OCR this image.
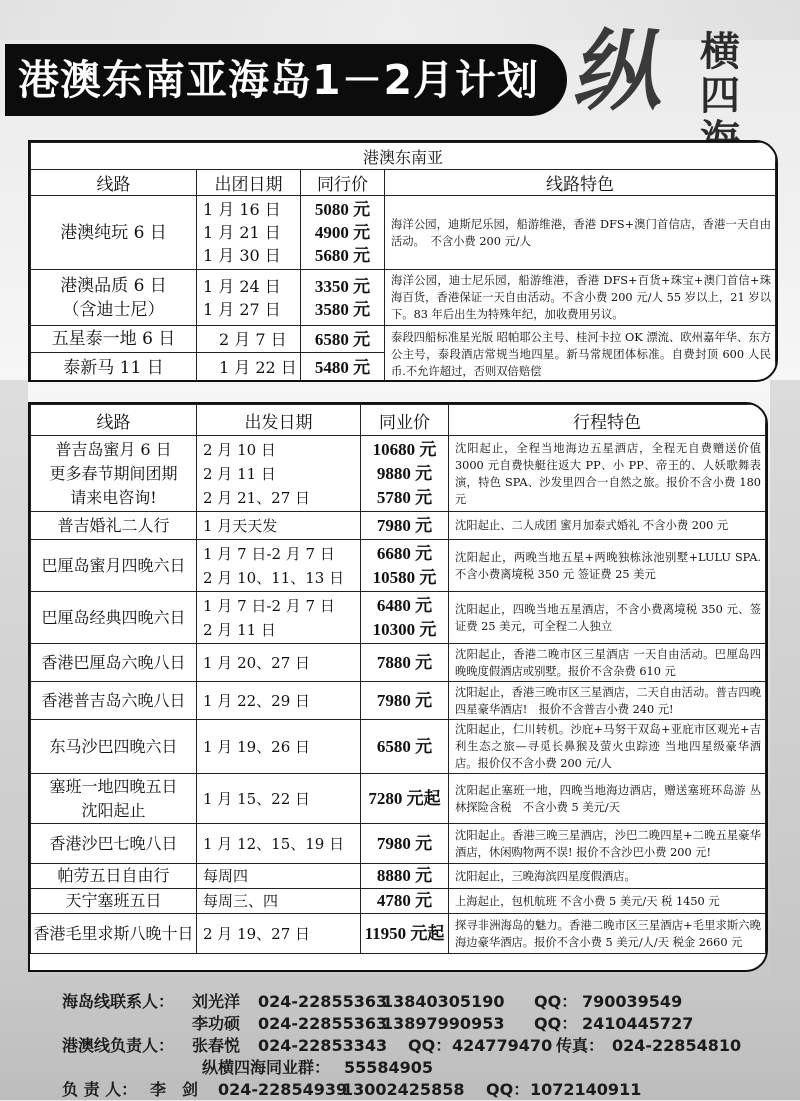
港澳东南亚海岛1－2月计划 纵 横
四
港澳东南亚			
线路	出团日期	同行价	线路特色

港澳纯玩 6 日	1 月 16 日
1 月 21 日
1 月 30 日	5080 元
4900 元
5680 元	海洋公园，迪斯尼乐园，船游维港，香港 DFS+澳门首信店，香港一天自由活动。　不含小费 200 元/人

港澳品质 6 日
（含迪士尼）	1 月 24 日
1 月 27 日	3350 元
3580 元	海洋公园，迪士尼乐园，船游维港，香港 DFS+百货+珠宝+澳门首信+珠海百货，香港保证一天自由活动。不含小费 200 元/人 55 岁以上，21 岁以下。83 年后出生为特殊年纪，加收费用另议。

五星泰一地 6 日	2 月 7 日	6580 元	泰段四船标准星光版 昭帕耶公主号、桂河卡拉 OK 漂流、欧州嘉年华、东方公主号，泰段酒店常规当地四星。新马常规团体标准。自费封顶 600 人民币.不允许超过，否则双倍赔偿

泰新马 11 日	1 月 22 日	5480 元	
线路	出发日期	同业价	行程特色

普吉岛蜜月 6 日
更多春节期间团期
请来电咨询!	2 月 10 日
2 月 11 日
2 月 21、27 日	10680 元
9880 元
5780 元	沈阳起止，全程当地海边五星酒店，全程无自费赠送价值 3000 元自费快艇往返大 PP、小 PP、帝王的、人妖歌舞表演，特色 SPA、沙发里四合一自然之旅。报价不含小费 180 元

普吉婚礼二人行	1 月天天发	7980 元	沈阳起止、二人成团 蜜月加泰式婚礼 不含小费 200 元

巴厘岛蜜月四晚六日	1 月 7 日-2 月 7 日
2 月 10、11、13 日	6680 元
10580 元	沈阳起止，两晚当地五星+两晚独栋泳池别墅+LULU SPA.不含小费离境税 350 元 签证费 25 美元

巴厘岛经典四晚六日	1 月 7 日-2 月 7 日
2 月 11 日	6480 元
10300 元	沈阳起止，四晚当地五星酒店，不含小费离境税 350 元、签证费 25 美元，可全程二人独立

香港巴厘岛六晚八日	1 月 20、27 日	7880 元	沈阳起止，香港二晚市区三星酒店 一天自由活动。巴厘岛四晚晚度假酒店或别墅。报价不含杂费 610 元

香港普吉岛六晚八日	1 月 22、29 日	7980 元	沈阳起止，香港三晚市区三星酒店，二天自由活动。普吉四晚四星豪华酒店!　报价不含普吉小费 240 元!

东马沙巴四晚六日	1 月 19、26 日	6580 元	沈阳起止，仁川转机。沙庇+马努干双岛+亚庇市区观光+吉利生态之旅—寻觅长鼻猴及萤火虫踪迹 当地四星级豪华酒店。报价仅不含小费 200 元/人

塞班一地四晚五日
沈阳起止	1 月 15、22 日	7280 元起	沈阳起止塞班一地，四晚当地海边酒店，赠送塞班环岛游 丛林探险含税　不含小费 5 美元/天

香港沙巴七晚八日	1 月 12、15、19 日	7980 元	沈阳起止。香港三晚三星酒店，沙巴二晚四星+二晚五星豪华酒店，休闲购物两不误! 报价不含沙巴小费 200 元!

帕劳五日自由行	每周四	8880 元	沈阳起止，三晚海滨四星度假酒店。

天宁塞班五日	每周三、四	4780 元	上海起止，包机航班 不含小费 5 美元/天 税 1450 元

香港毛里求斯八晚十日	2 月 19、27 日	11950 元起	探寻非洲海岛的魅力。香港二晚市区三星酒店+毛里求斯六晚海边豪华酒店。报价不含小费 5 美元/人/天 税金 2660 元
海岛线联系人： 刘光洋 024-22855363
13840305190 QQ： 790039549
李功硕 024-22855363
13897990953 QQ： 2410445727
港澳线负责人： 张春悦 024-22853343 QQ： 424779470 传真： 024-22854810
纵横四海同业群： 55584905
负 责 人： 李　剑 024-22854939
13002425858 QQ： 1072140911
